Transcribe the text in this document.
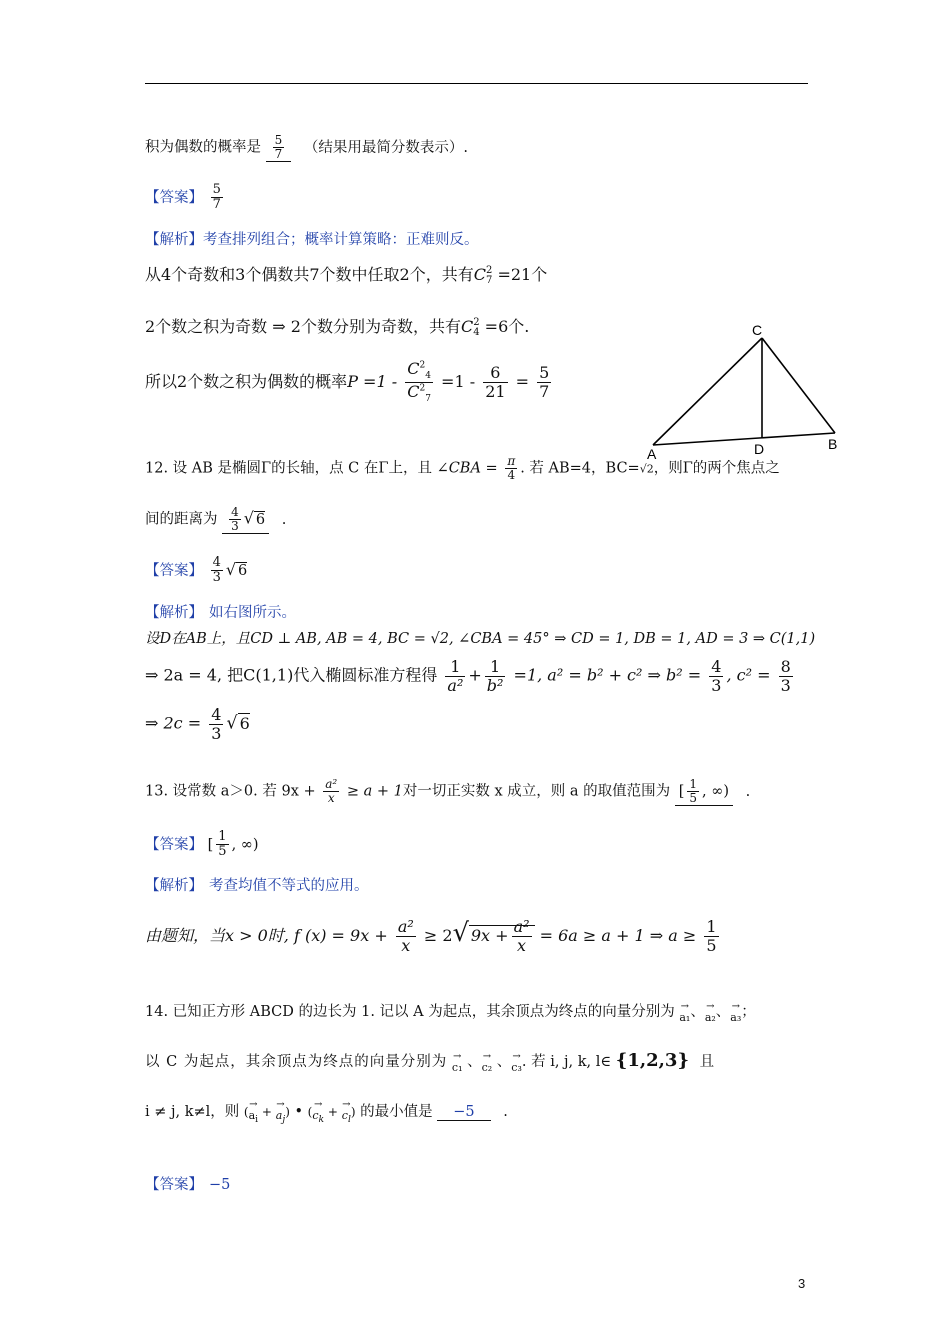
积为偶数的概率是 $\frac{5}{7}$ （结果用最简分数表示）.
【答案】 $\frac{5}{7}$
【解析】考查排列组合；概率计算策略：正难则反。
从4个奇数和3个偶数共7个数中任取2个，共有C 2
7 =21个
2个数之积为奇数 ⇒ 2个数分别为奇数，共有C 2
4 =6个.
所以2个数之积为偶数的概率$P =1 - \frac{C^2_4}{C^2_7} =1 - \frac{6}{21} = \frac{5}{7}$
C
A	D	B
12. 设 AB 是椭圆Γ的长轴，点 C 在Γ上，且 ∠CBA = $\frac{\pi}{4}$ . 若 AB=4，BC=√2，则Γ的两个焦点之
间的距离为 $\frac{4}{3}$ √ 6 .
【答案】 $\frac{4}{3}$ √ 6
【解析】 如右图所示。
设D在AB上，且CD ⊥ AB, AB = 4, BC = √2, ∠CBA = 45° ⇒ CD = 1, DB = 1, AD = 3 ⇒ C(1,1)
⇒ 2a = 4, 把C(1,1)代入椭圆标准方程得 $\frac{1}{\text{a²}} + \frac{1}{\text{b²}} =1$, a² = b² + c² ⇒ $b^2 = \frac{4}{3}$ , $c^2 = \frac{8}{3}$
⇒ $2c = \frac{4}{3}$ √ 6
13. 设常数 a＞0. 若 $9x + \frac{\text{a²}}{x} \ge a + 1$对一切正实数 x 成立，则 a 的取值范围为 [ $\frac{1}{5}$ , ∞) .
【答案】 [ $\frac{1}{5}$ , ∞)
【解析】 考查均值不等式的应用。
由题知，当x > 0时, f $(x) = 9x + \frac{\text{a²}}{x} \ge 2√$ $9x + \frac{\text{a²}}{x} = 6a \ge a + 1$ ⇒ $a \ge \frac{1}{5}$
14. 已知正方形 ABCD 的边长为 1. 记以 A 为起点，其余顶点为终点的向量分别为 →
a₁、 →
a₂、 →
a₃；
以 C 为起点，其余顶点为终点的向量分别为 →
c₁ 、 →
c₂ 、 →
c₃. 若 i, j, k, l∈ {1,2,3} 且
i ≠ j, k≠l，则 (
→
$a_i$ +
→
$a_j$) • (
→
$c_k$ +
→
$c_l$) 的最小值是 −5 .
【答案】 −5
3
